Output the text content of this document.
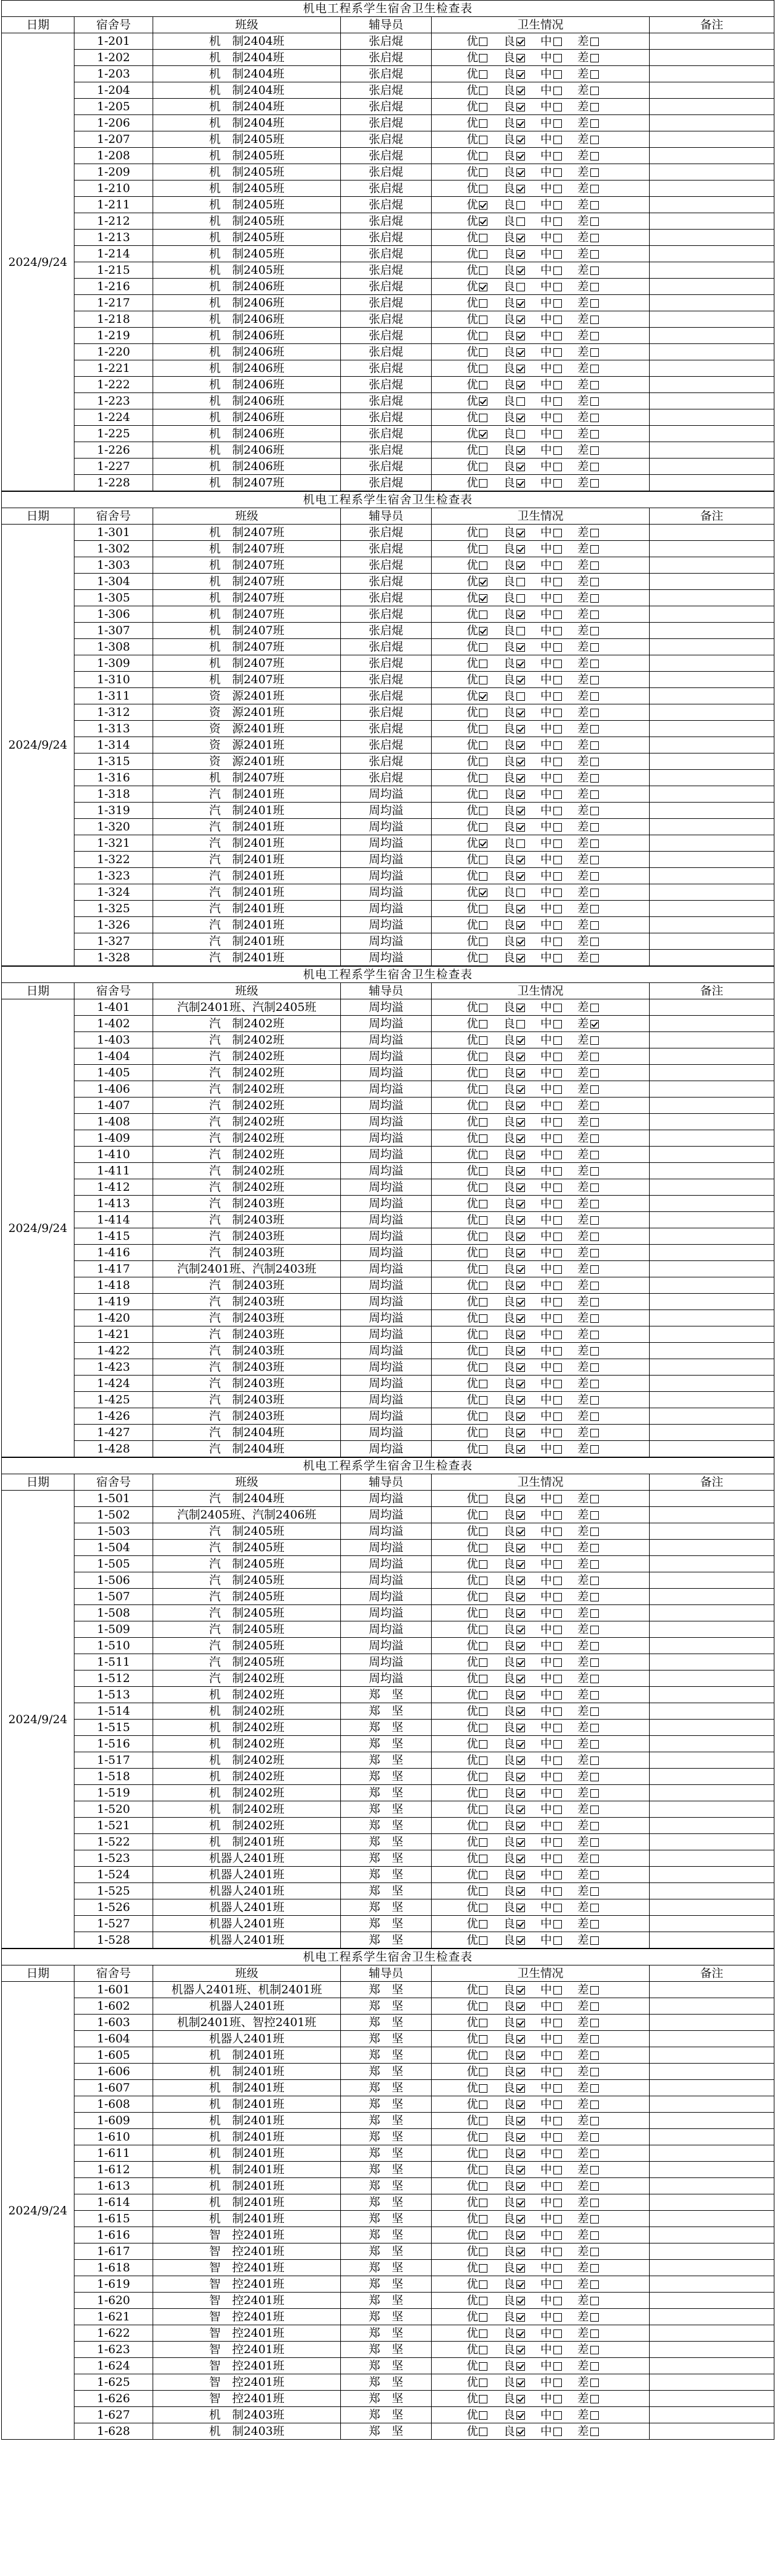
机电工程系学生宿舍卫生检查表					
日期	宿舍号	班级	辅导员	卫生情况	备注
2024/9/24	1-201	机　制2404班	张启焜	优 良 中 差	
	1-202	机　制2404班	张启焜	优 良 中 差	
	1-203	机　制2404班	张启焜	优 良 中 差	
	1-204	机　制2404班	张启焜	优 良 中 差	
	1-205	机　制2404班	张启焜	优 良 中 差	
	1-206	机　制2404班	张启焜	优 良 中 差	
	1-207	机　制2405班	张启焜	优 良 中 差	
	1-208	机　制2405班	张启焜	优 良 中 差	
	1-209	机　制2405班	张启焜	优 良 中 差	
	1-210	机　制2405班	张启焜	优 良 中 差	
	1-211	机　制2405班	张启焜	优 良 中 差	
	1-212	机　制2405班	张启焜	优 良 中 差	
	1-213	机　制2405班	张启焜	优 良 中 差	
	1-214	机　制2405班	张启焜	优 良 中 差	
	1-215	机　制2405班	张启焜	优 良 中 差	
	1-216	机　制2406班	张启焜	优 良 中 差	
	1-217	机　制2406班	张启焜	优 良 中 差	
	1-218	机　制2406班	张启焜	优 良 中 差	
	1-219	机　制2406班	张启焜	优 良 中 差	
	1-220	机　制2406班	张启焜	优 良 中 差	
	1-221	机　制2406班	张启焜	优 良 中 差	
	1-222	机　制2406班	张启焜	优 良 中 差	
	1-223	机　制2406班	张启焜	优 良 中 差	
	1-224	机　制2406班	张启焜	优 良 中 差	
	1-225	机　制2406班	张启焜	优 良 中 差	
	1-226	机　制2406班	张启焜	优 良 中 差	
	1-227	机　制2406班	张启焜	优 良 中 差	
	1-228	机　制2407班	张启焜	优 良 中 差	
机电工程系学生宿舍卫生检查表					
日期	宿舍号	班级	辅导员	卫生情况	备注
2024/9/24	1-301	机　制2407班	张启焜	优 良 中 差	
	1-302	机　制2407班	张启焜	优 良 中 差	
	1-303	机　制2407班	张启焜	优 良 中 差	
	1-304	机　制2407班	张启焜	优 良 中 差	
	1-305	机　制2407班	张启焜	优 良 中 差	
	1-306	机　制2407班	张启焜	优 良 中 差	
	1-307	机　制2407班	张启焜	优 良 中 差	
	1-308	机　制2407班	张启焜	优 良 中 差	
	1-309	机　制2407班	张启焜	优 良 中 差	
	1-310	机　制2407班	张启焜	优 良 中 差	
	1-311	资　源2401班	张启焜	优 良 中 差	
	1-312	资　源2401班	张启焜	优 良 中 差	
	1-313	资　源2401班	张启焜	优 良 中 差	
	1-314	资　源2401班	张启焜	优 良 中 差	
	1-315	资　源2401班	张启焜	优 良 中 差	
	1-316	机　制2407班	张启焜	优 良 中 差	
	1-318	汽　制2401班	周均溢	优 良 中 差	
	1-319	汽　制2401班	周均溢	优 良 中 差	
	1-320	汽　制2401班	周均溢	优 良 中 差	
	1-321	汽　制2401班	周均溢	优 良 中 差	
	1-322	汽　制2401班	周均溢	优 良 中 差	
	1-323	汽　制2401班	周均溢	优 良 中 差	
	1-324	汽　制2401班	周均溢	优 良 中 差	
	1-325	汽　制2401班	周均溢	优 良 中 差	
	1-326	汽　制2401班	周均溢	优 良 中 差	
	1-327	汽　制2401班	周均溢	优 良 中 差	
	1-328	汽　制2401班	周均溢	优 良 中 差	
机电工程系学生宿舍卫生检查表					
日期	宿舍号	班级	辅导员	卫生情况	备注
2024/9/24	1-401	汽制2401班、汽制2405班	周均溢	优 良 中 差	
	1-402	汽　制2402班	周均溢	优 良 中 差	
	1-403	汽　制2402班	周均溢	优 良 中 差	
	1-404	汽　制2402班	周均溢	优 良 中 差	
	1-405	汽　制2402班	周均溢	优 良 中 差	
	1-406	汽　制2402班	周均溢	优 良 中 差	
	1-407	汽　制2402班	周均溢	优 良 中 差	
	1-408	汽　制2402班	周均溢	优 良 中 差	
	1-409	汽　制2402班	周均溢	优 良 中 差	
	1-410	汽　制2402班	周均溢	优 良 中 差	
	1-411	汽　制2402班	周均溢	优 良 中 差	
	1-412	汽　制2402班	周均溢	优 良 中 差	
	1-413	汽　制2403班	周均溢	优 良 中 差	
	1-414	汽　制2403班	周均溢	优 良 中 差	
	1-415	汽　制2403班	周均溢	优 良 中 差	
	1-416	汽　制2403班	周均溢	优 良 中 差	
	1-417	汽制2401班、汽制2403班	周均溢	优 良 中 差	
	1-418	汽　制2403班	周均溢	优 良 中 差	
	1-419	汽　制2403班	周均溢	优 良 中 差	
	1-420	汽　制2403班	周均溢	优 良 中 差	
	1-421	汽　制2403班	周均溢	优 良 中 差	
	1-422	汽　制2403班	周均溢	优 良 中 差	
	1-423	汽　制2403班	周均溢	优 良 中 差	
	1-424	汽　制2403班	周均溢	优 良 中 差	
	1-425	汽　制2403班	周均溢	优 良 中 差	
	1-426	汽　制2403班	周均溢	优 良 中 差	
	1-427	汽　制2404班	周均溢	优 良 中 差	
	1-428	汽　制2404班	周均溢	优 良 中 差	
机电工程系学生宿舍卫生检查表					
日期	宿舍号	班级	辅导员	卫生情况	备注
2024/9/24	1-501	汽　制2404班	周均溢	优 良 中 差	
	1-502	汽制2405班、汽制2406班	周均溢	优 良 中 差	
	1-503	汽　制2405班	周均溢	优 良 中 差	
	1-504	汽　制2405班	周均溢	优 良 中 差	
	1-505	汽　制2405班	周均溢	优 良 中 差	
	1-506	汽　制2405班	周均溢	优 良 中 差	
	1-507	汽　制2405班	周均溢	优 良 中 差	
	1-508	汽　制2405班	周均溢	优 良 中 差	
	1-509	汽　制2405班	周均溢	优 良 中 差	
	1-510	汽　制2405班	周均溢	优 良 中 差	
	1-511	汽　制2405班	周均溢	优 良 中 差	
	1-512	汽　制2402班	周均溢	优 良 中 差	
	1-513	机　制2402班	郑　坚	优 良 中 差	
	1-514	机　制2402班	郑　坚	优 良 中 差	
	1-515	机　制2402班	郑　坚	优 良 中 差	
	1-516	机　制2402班	郑　坚	优 良 中 差	
	1-517	机　制2402班	郑　坚	优 良 中 差	
	1-518	机　制2402班	郑　坚	优 良 中 差	
	1-519	机　制2402班	郑　坚	优 良 中 差	
	1-520	机　制2402班	郑　坚	优 良 中 差	
	1-521	机　制2402班	郑　坚	优 良 中 差	
	1-522	机　制2401班	郑　坚	优 良 中 差	
	1-523	机器人2401班	郑　坚	优 良 中 差	
	1-524	机器人2401班	郑　坚	优 良 中 差	
	1-525	机器人2401班	郑　坚	优 良 中 差	
	1-526	机器人2401班	郑　坚	优 良 中 差	
	1-527	机器人2401班	郑　坚	优 良 中 差	
	1-528	机器人2401班	郑　坚	优 良 中 差	
机电工程系学生宿舍卫生检查表					
日期	宿舍号	班级	辅导员	卫生情况	备注
2024/9/24	1-601	机器人2401班、机制2401班	郑　坚	优 良 中 差	
	1-602	机器人2401班	郑　坚	优 良 中 差	
	1-603	机制2401班、智控2401班	郑　坚	优 良 中 差	
	1-604	机器人2401班	郑　坚	优 良 中 差	
	1-605	机　制2401班	郑　坚	优 良 中 差	
	1-606	机　制2401班	郑　坚	优 良 中 差	
	1-607	机　制2401班	郑　坚	优 良 中 差	
	1-608	机　制2401班	郑　坚	优 良 中 差	
	1-609	机　制2401班	郑　坚	优 良 中 差	
	1-610	机　制2401班	郑　坚	优 良 中 差	
	1-611	机　制2401班	郑　坚	优 良 中 差	
	1-612	机　制2401班	郑　坚	优 良 中 差	
	1-613	机　制2401班	郑　坚	优 良 中 差	
	1-614	机　制2401班	郑　坚	优 良 中 差	
	1-615	机　制2401班	郑　坚	优 良 中 差	
	1-616	智　控2401班	郑　坚	优 良 中 差	
	1-617	智　控2401班	郑　坚	优 良 中 差	
	1-618	智　控2401班	郑　坚	优 良 中 差	
	1-619	智　控2401班	郑　坚	优 良 中 差	
	1-620	智　控2401班	郑　坚	优 良 中 差	
	1-621	智　控2401班	郑　坚	优 良 中 差	
	1-622	智　控2401班	郑　坚	优 良 中 差	
	1-623	智　控2401班	郑　坚	优 良 中 差	
	1-624	智　控2401班	郑　坚	优 良 中 差	
	1-625	智　控2401班	郑　坚	优 良 中 差	
	1-626	智　控2401班	郑　坚	优 良 中 差	
	1-627	机　制2403班	郑　坚	优 良 中 差	
	1-628	机　制2403班	郑　坚	优 良 中 差	
